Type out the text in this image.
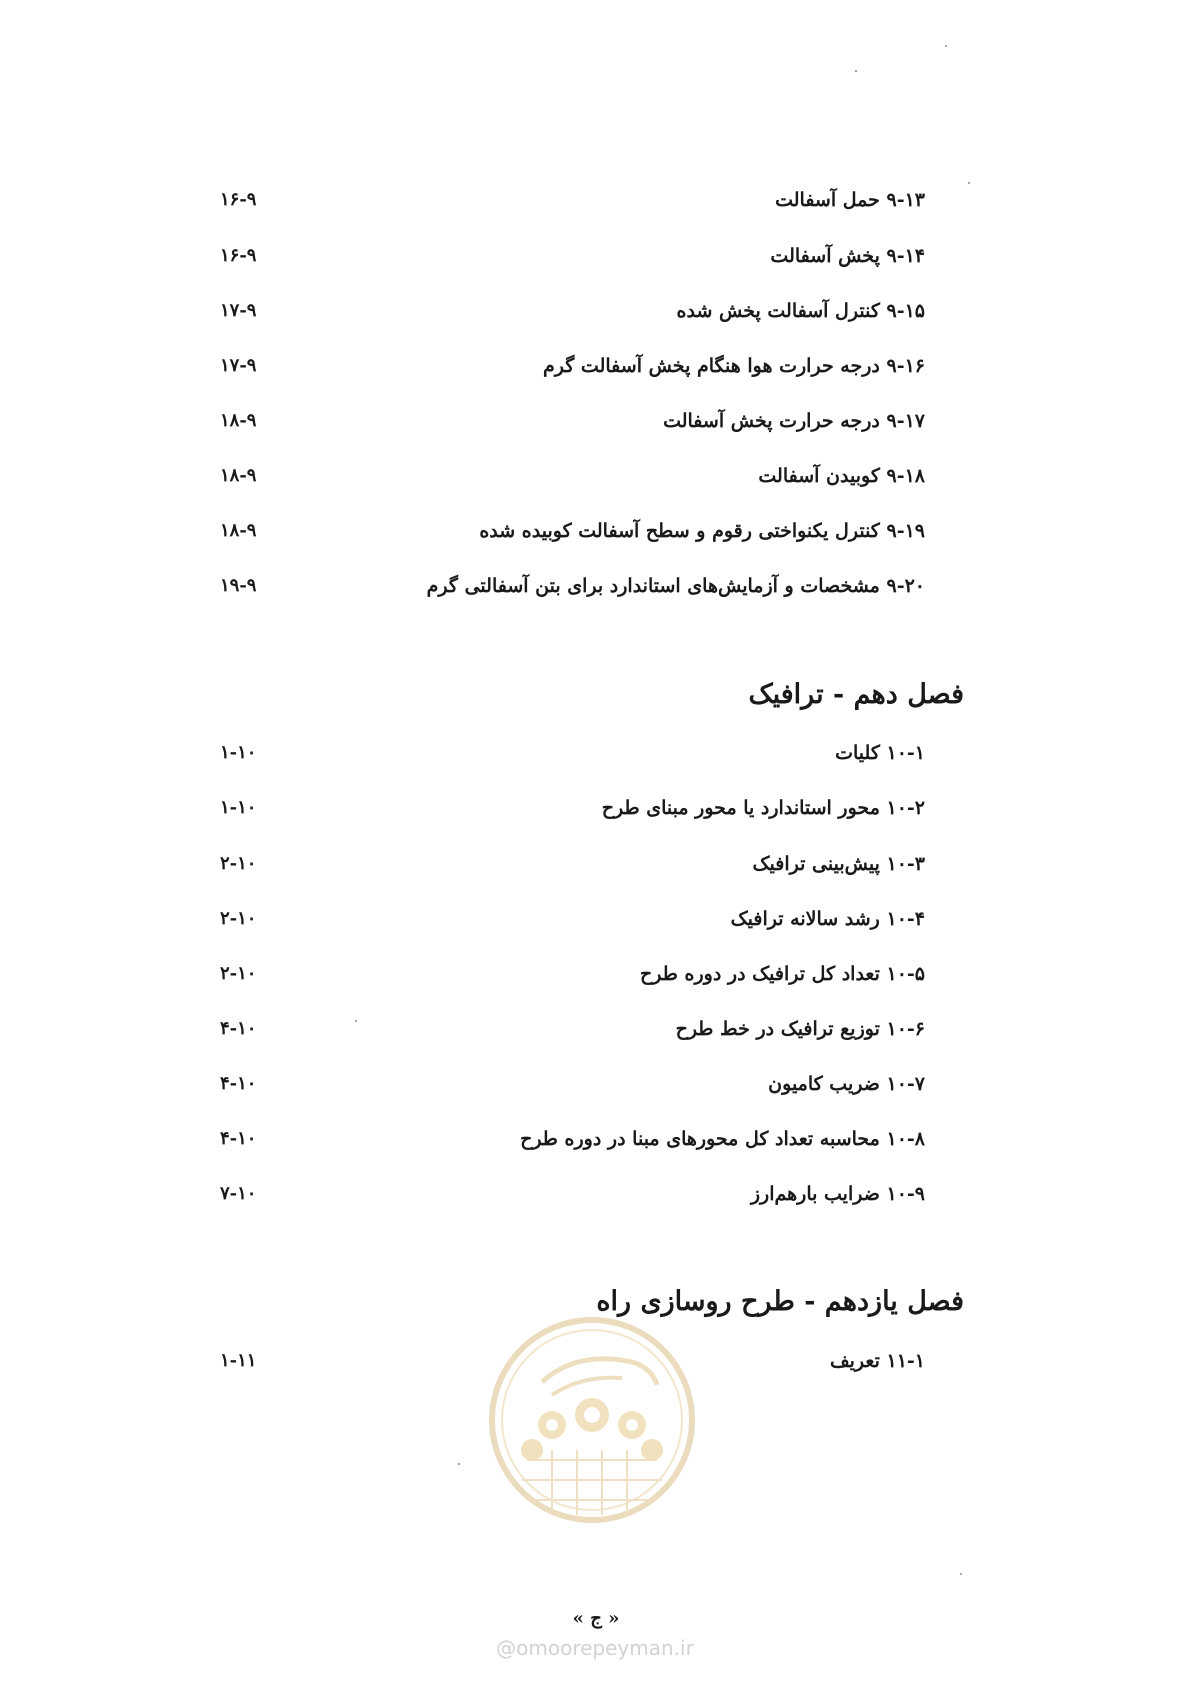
۹-۱۳ حمل آسفالت
۱۶-۹
۹-۱۴ پخش آسفالت
۱۶-۹
۹-۱۵ کنترل آسفالت پخش شده
۱۷-۹
۹-۱۶ درجه حرارت هوا هنگام پخش آسفالت گرم
۱۷-۹
۹-۱۷ درجه حرارت پخش آسفالت
۱۸-۹
۹-۱۸ کوبیدن آسفالت
۱۸-۹
۹-۱۹ کنترل یکنواختی رقوم و سطح آسفالت کوبیده شده
۱۸-۹
۹-۲۰ مشخصات و آزمایش‌های استاندارد برای بتن آسفالتی گرم
۱۹-۹
فصل دهم - ترافیک
۱۰-۱ کلیات
۱-۱۰
۱۰-۲ محور استاندارد یا محور مبنای طرح
۱-۱۰
۱۰-۳ پیش‌بینی ترافیک
۲-۱۰
۱۰-۴ رشد سالانه ترافیک
۲-۱۰
۱۰-۵ تعداد کل ترافیک در دوره طرح
۲-۱۰
۱۰-۶ توزیع ترافیک در خط طرح
۴-۱۰
۱۰-۷ ضریب کامیون
۴-۱۰
۱۰-۸ محاسبه تعداد کل محورهای مبنا در دوره طرح
۴-۱۰
۱۰-۹ ضرایب بارهم‌ارز
۷-۱۰
فصل یازدهم - طرح روسازی راه
۱۱-۱ تعریف
۱-۱۱
« ج »
@omoorepeyman.ir
